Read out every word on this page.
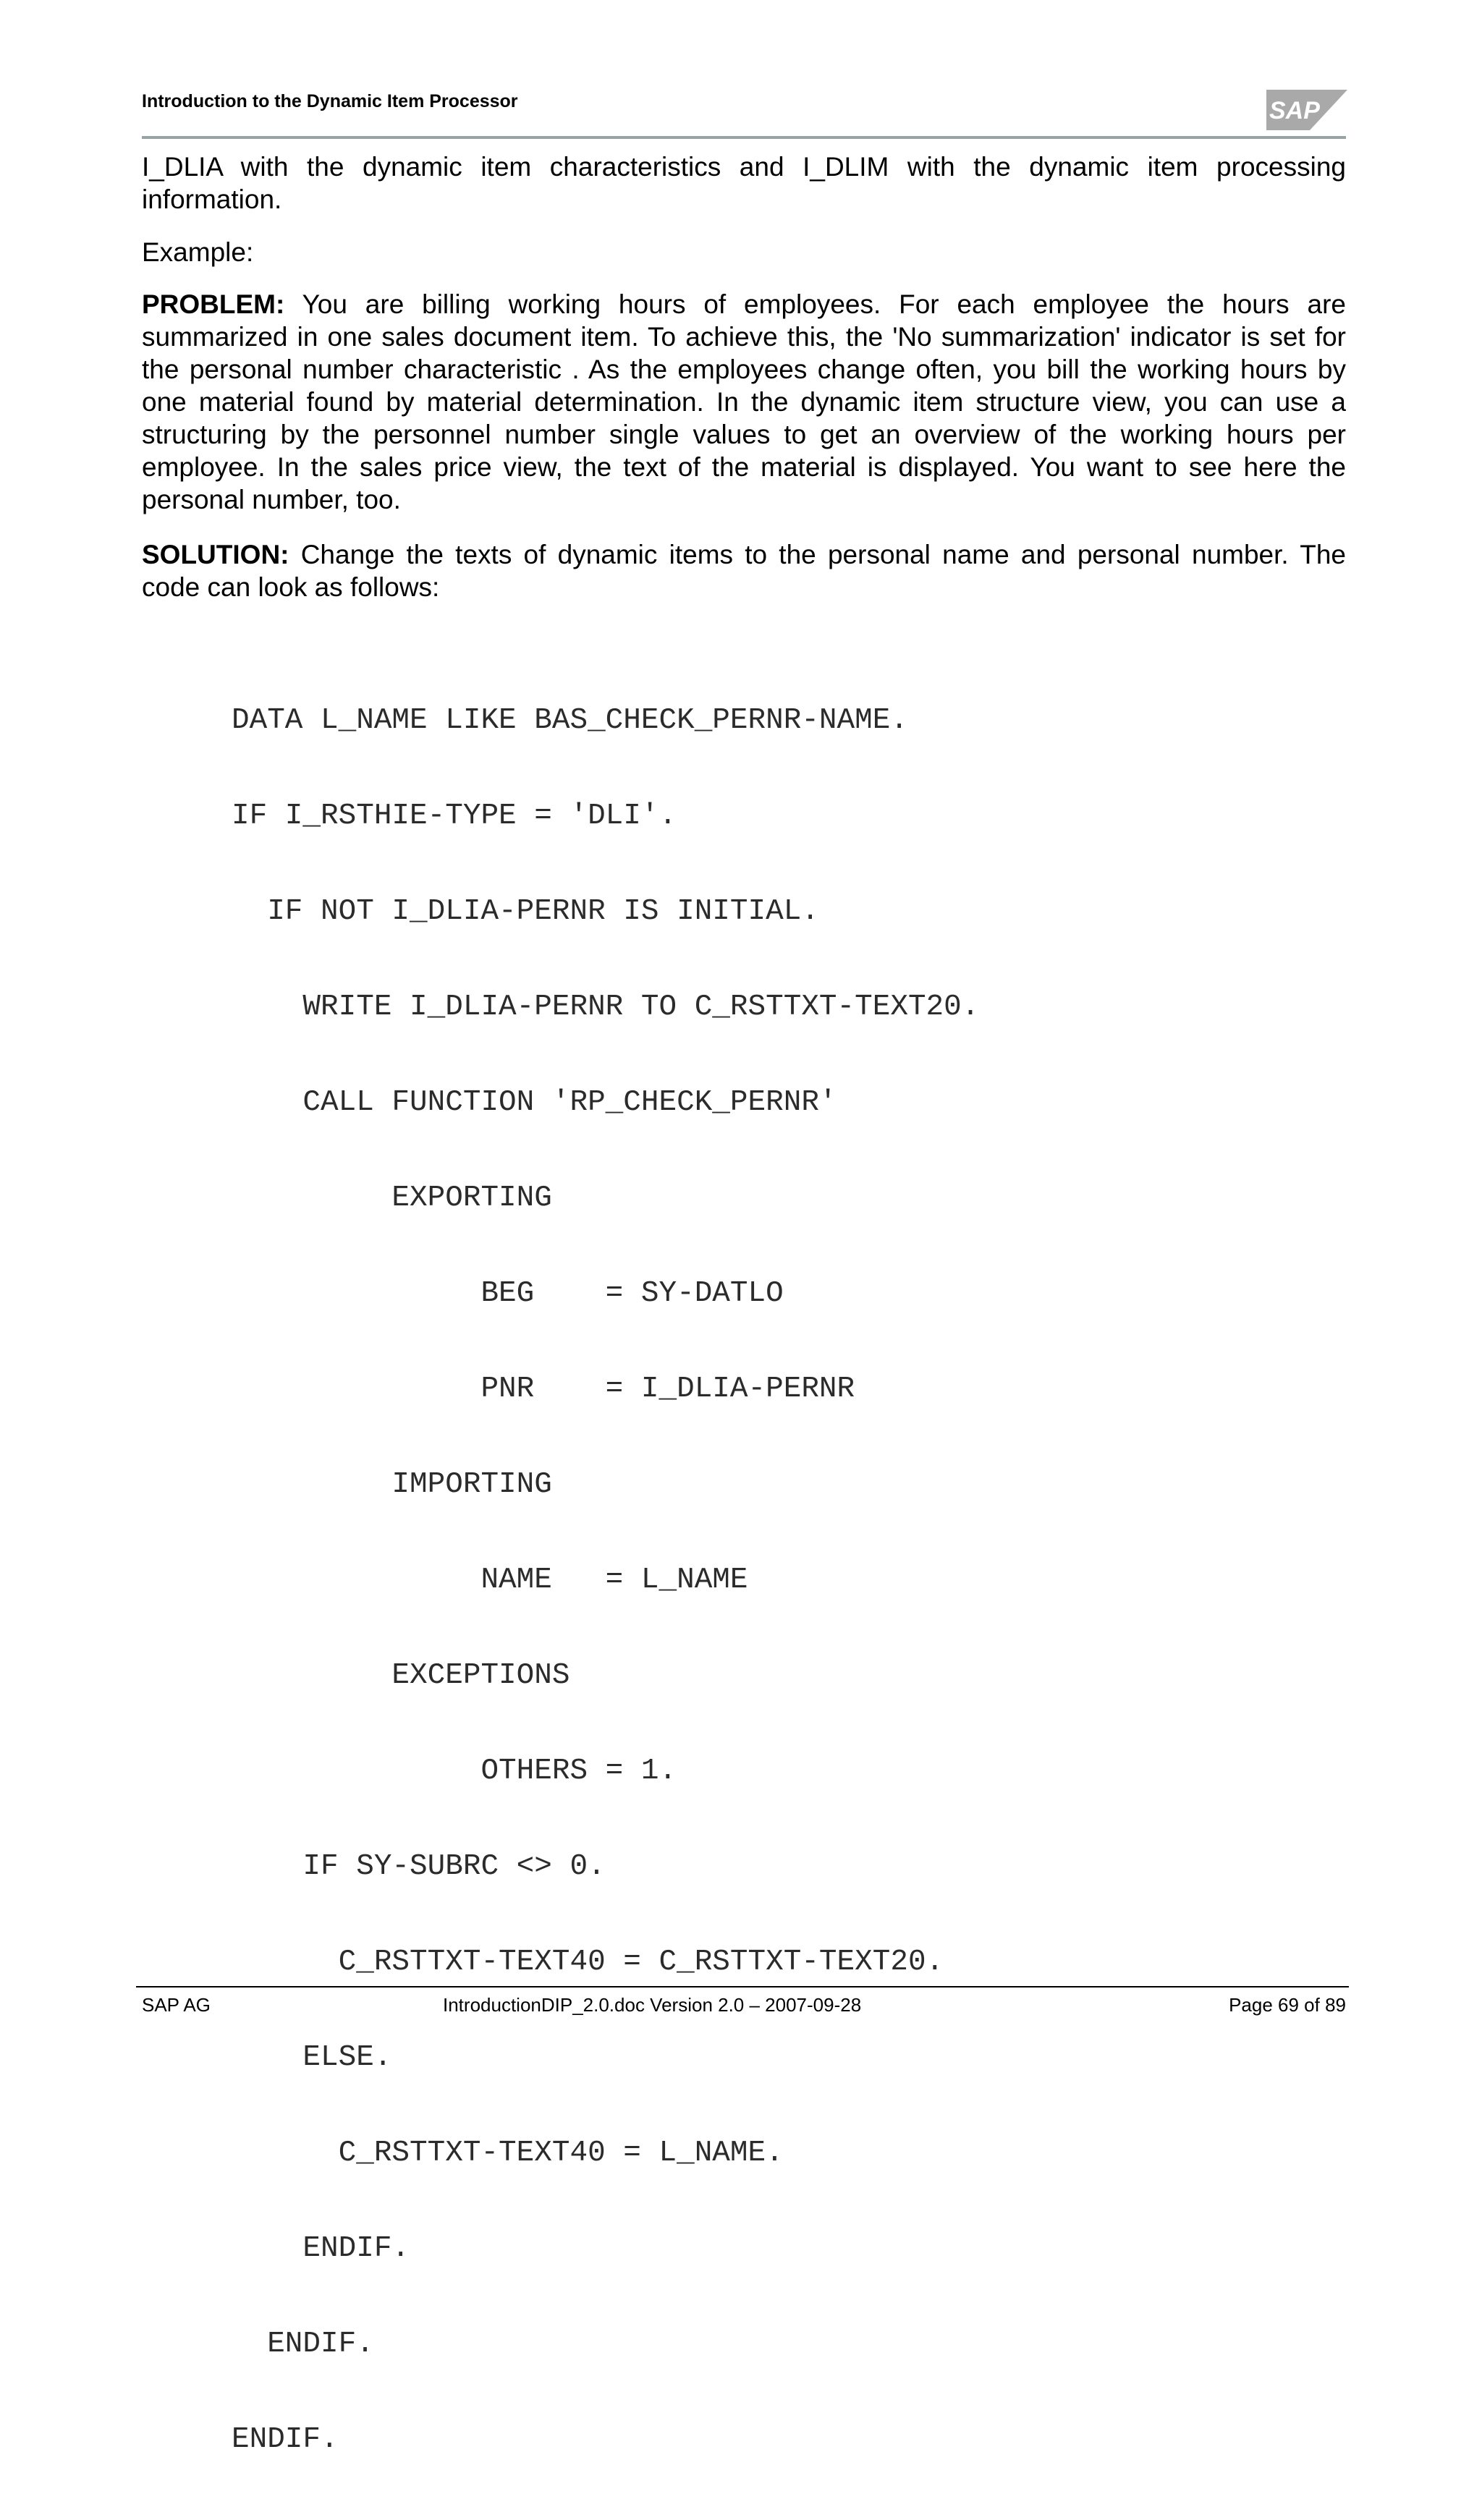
Introduction to the Dynamic Item Processor	SAP
I_DLIA with the dynamic item characteristics and I_DLIM with the dynamic item processing information.
Example:
PROBLEM: You are billing working hours of employees. For each employee the hours are summarized in one sales document item. To achieve this, the 'No summarization' indicator is set for the personal number characteristic . As the employees change often, you bill the working hours by one material found by material determination. In the dynamic item structure view, you can use a structuring by the personnel number single values to get an overview of the working hours per employee. In the sales price view, the text of the material is displayed. You want to see here the personal number, too.
SOLUTION: Change the texts of dynamic items to the personal name and personal number. The code can look as follows:

DATA L_NAME LIKE BAS_CHECK_PERNR-NAME.

IF I_RSTHIE-TYPE = 'DLI'.

IF NOT I_DLIA-PERNR IS INITIAL.

WRITE I_DLIA-PERNR TO C_RSTTXT-TEXT20.

CALL FUNCTION 'RP_CHECK_PERNR'

EXPORTING

BEG    = SY-DATLO

PNR    = I_DLIA-PERNR

IMPORTING

NAME   = L_NAME

EXCEPTIONS

OTHERS = 1.

IF SY-SUBRC <> 0.

C_RSTTXT-TEXT40 = C_RSTTXT-TEXT20.

ELSE.

C_RSTTXT-TEXT40 = L_NAME.

ENDIF.

ENDIF.

ENDIF.

SAP AG	IntroductionDIP_2.0.doc Version 2.0 – 2007-09-28	Page 69 of 89
